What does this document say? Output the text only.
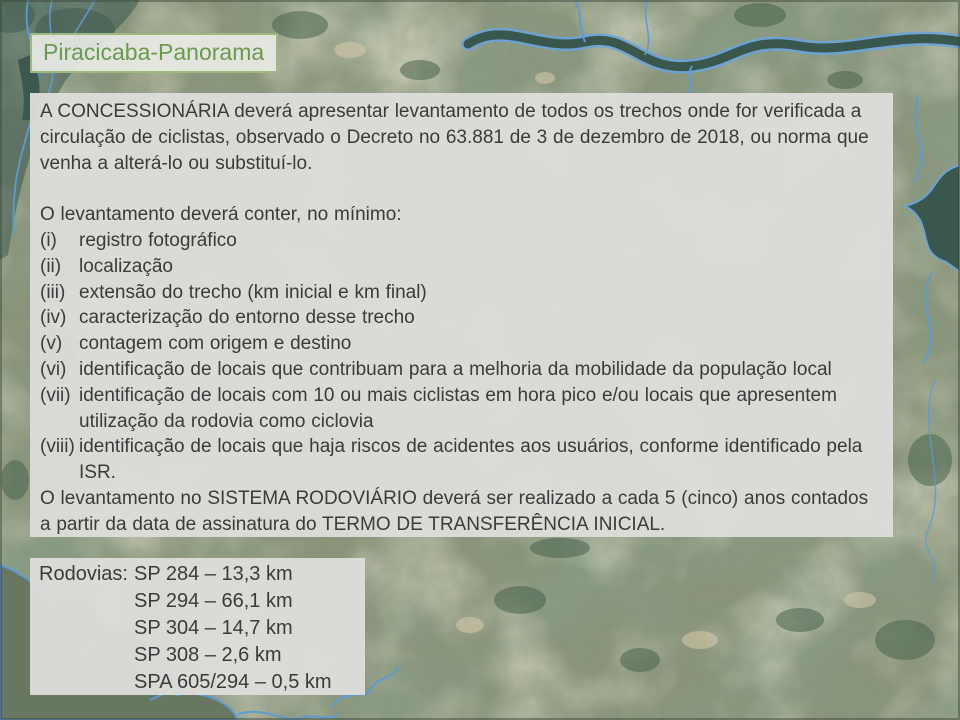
Piracicaba-Panorama

A CONCESSIONÁRIA deverá apresentar levantamento de todos os trechos onde for verificada a circulação de ciclistas, observado o Decreto no 63.881 de 3 de dezembro de 2018, ou norma que venha a alterá-lo ou substituí-lo.

O levantamento deverá conter, no mínimo:

(i)	registro fotográfico
(ii) localização
(iii) extensão do trecho (km inicial e km final)
(iv) caracterização do entorno desse trecho
(v) contagem com origem e destino
(vi) identificação de locais que contribuam para a melhoria da mobilidade da população local
(vii) identificação de locais com 10 ou mais ciclistas em hora pico e/ou locais que apresentem utilização da rodovia como ciclovia
(viii) identificação de locais que haja riscos de acidentes aos usuários, conforme identificado pela ISR.

O levantamento no SISTEMA RODOVIÁRIO deverá ser realizado a cada 5 (cinco) anos contados a partir da data de assinatura do TERMO DE TRANSFERÊNCIA INICIAL.

Rodovias: SP 284 – 13,3 km
SP 294 – 66,1 km
SP 304 – 14,7 km
SP 308 – 2,6 km
SPA 605/294 – 0,5 km
